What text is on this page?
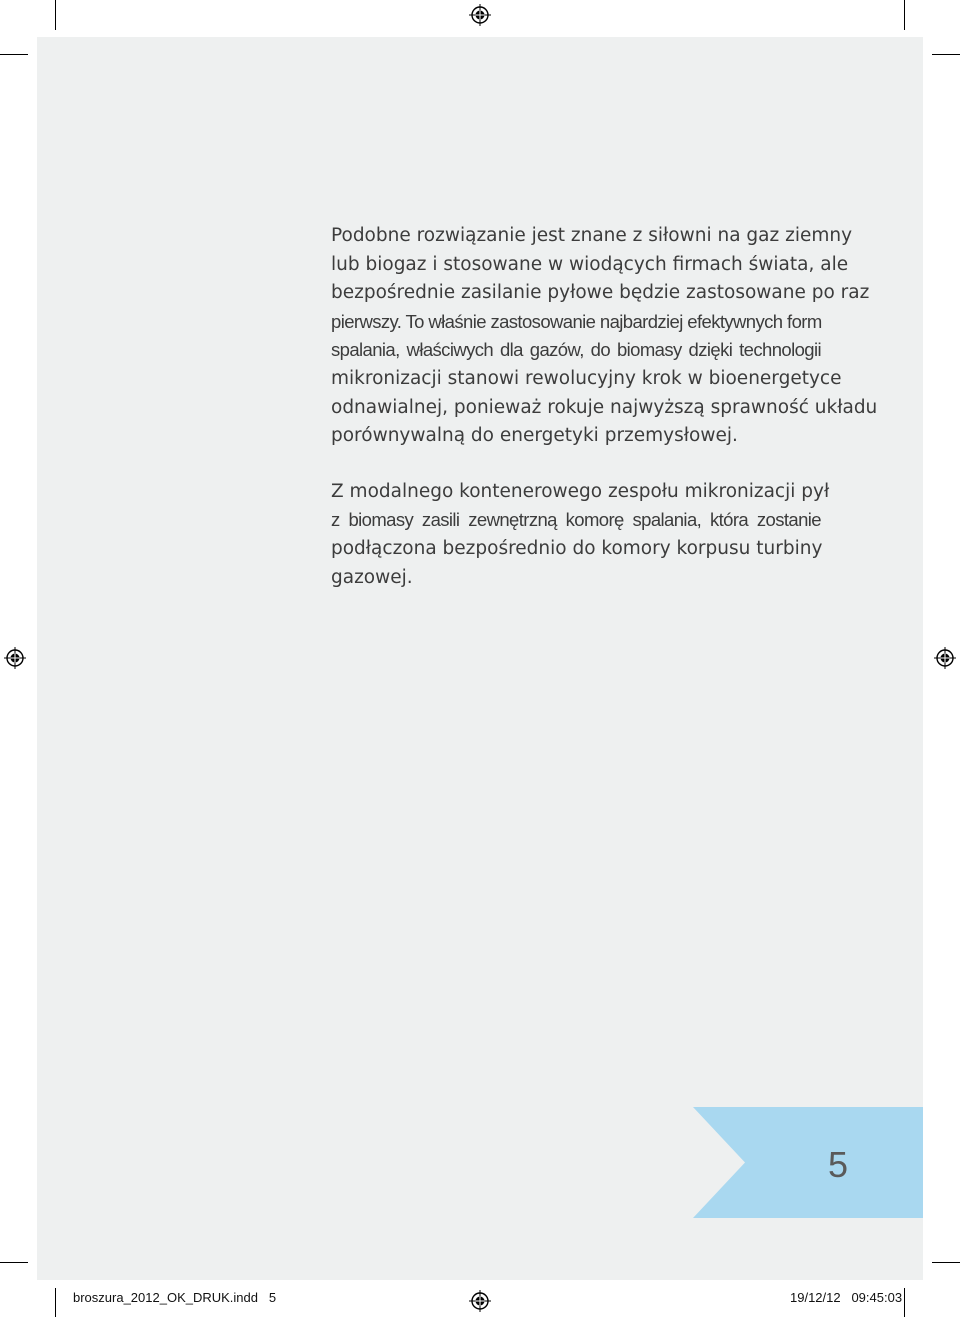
Podobne rozwiązanie jest znane z siłowni na gaz ziemny
lub biogaz i stosowane w wiodących firmach świata, ale
bezpośrednie zasilanie pyłowe będzie zastosowane po raz
pierwszy. To właśnie zastosowanie najbardziej efektywnych form
spalania, właściwych dla gazów, do biomasy dzięki technologii
mikronizacji stanowi rewolucyjny krok w bioenergetyce
odnawialnej, ponieważ rokuje najwyższą sprawność układu
porównywalną do energetyki przemysłowej.

Z modalnego kontenerowego zespołu mikronizacji pył
z biomasy zasili zewnętrzną komorę spalania, która zostanie
podłączona bezpośrednio do komory korpusu turbiny
gazowej.

5
broszura_2012_OK_DRUK.indd 5	19/12/12 09:45:03
